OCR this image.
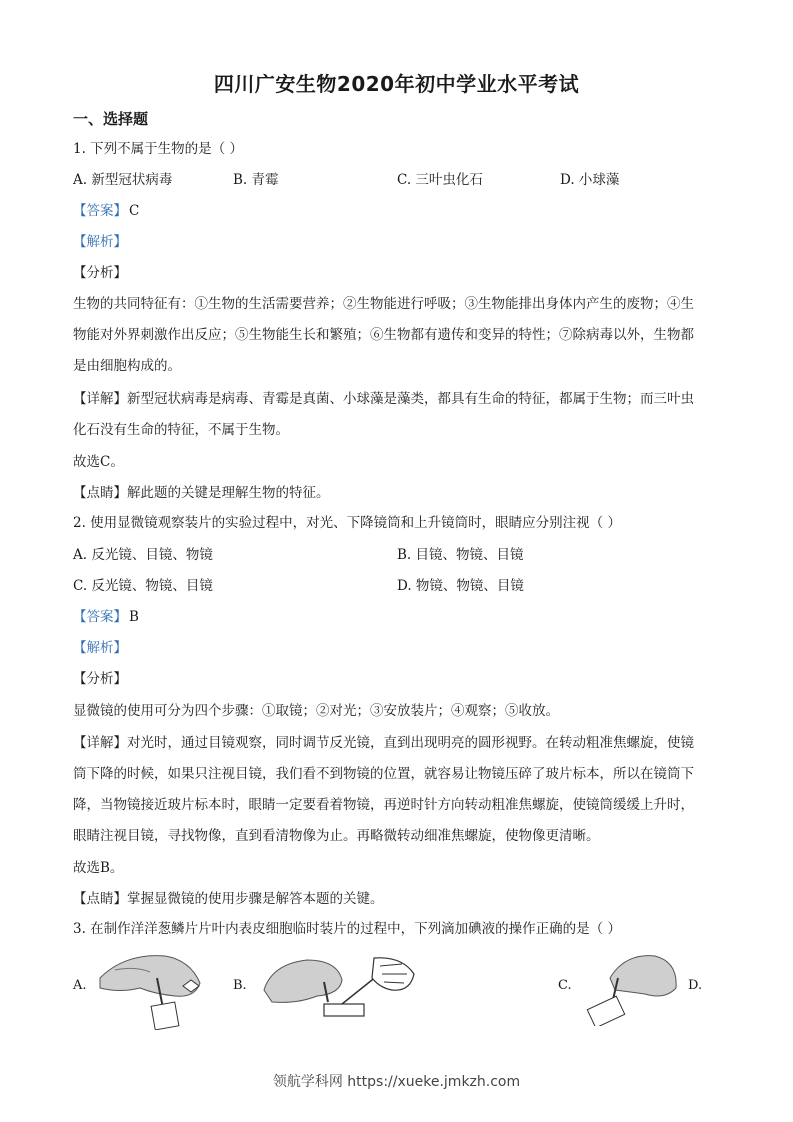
四川广安生物2020年初中学业水平考试
一、选择题
1. 下列不属于生物的是（ ）
A. 新型冠状病毒	B. 青霉	C. 三叶虫化石	D. 小球藻
【答案】 C
【解析】
【分析】
生物的共同特征有：①生物的生活需要营养；②生物能进行呼吸；③生物能排出身体内产生的废物；④生
物能对外界刺激作出反应；⑤生物能生长和繁殖；⑥生物都有遗传和变异的特性；⑦除病毒以外，生物都
是由细胞构成的。
【详解】新型冠状病毒是病毒、青霉是真菌、小球藻是藻类，都具有生命的特征，都属于生物；而三叶虫
化石没有生命的特征，不属于生物。
故选C。
【点睛】解此题的关键是理解生物的特征。
2. 使用显微镜观察装片的实验过程中，对光、下降镜筒和上升镜筒时，眼睛应分别注视（ ）
A. 反光镜、目镜、物镜	B. 目镜、物镜、目镜
C. 反光镜、物镜、目镜	D. 物镜、物镜、目镜
【答案】 B
【解析】
【分析】
显微镜的使用可分为四个步骤：①取镜；②对光；③安放装片；④观察；⑤收放。
【详解】对光时，通过目镜观察，同时调节反光镜，直到出现明亮的圆形视野。在转动粗准焦螺旋，使镜
筒下降的时候，如果只注视目镜，我们看不到物镜的位置，就容易让物镜压碎了玻片标本，所以在镜筒下
降，当物镜接近玻片标本时，眼睛一定要看着物镜，再逆时针方向转动粗准焦螺旋，使镜筒缓缓上升时，
眼睛注视目镜，寻找物像，直到看清物像为止。再略微转动细准焦螺旋，使物像更清晰。
故选B。
【点睛】掌握显微镜的使用步骤是解答本题的关键。
3. 在制作洋洋葱鳞片片叶内表皮细胞临时装片的过程中，下列滴加碘液的操作正确的是（ ）
A.	B.	C.	D.
领航学科网 https://xueke.jmkzh.com
